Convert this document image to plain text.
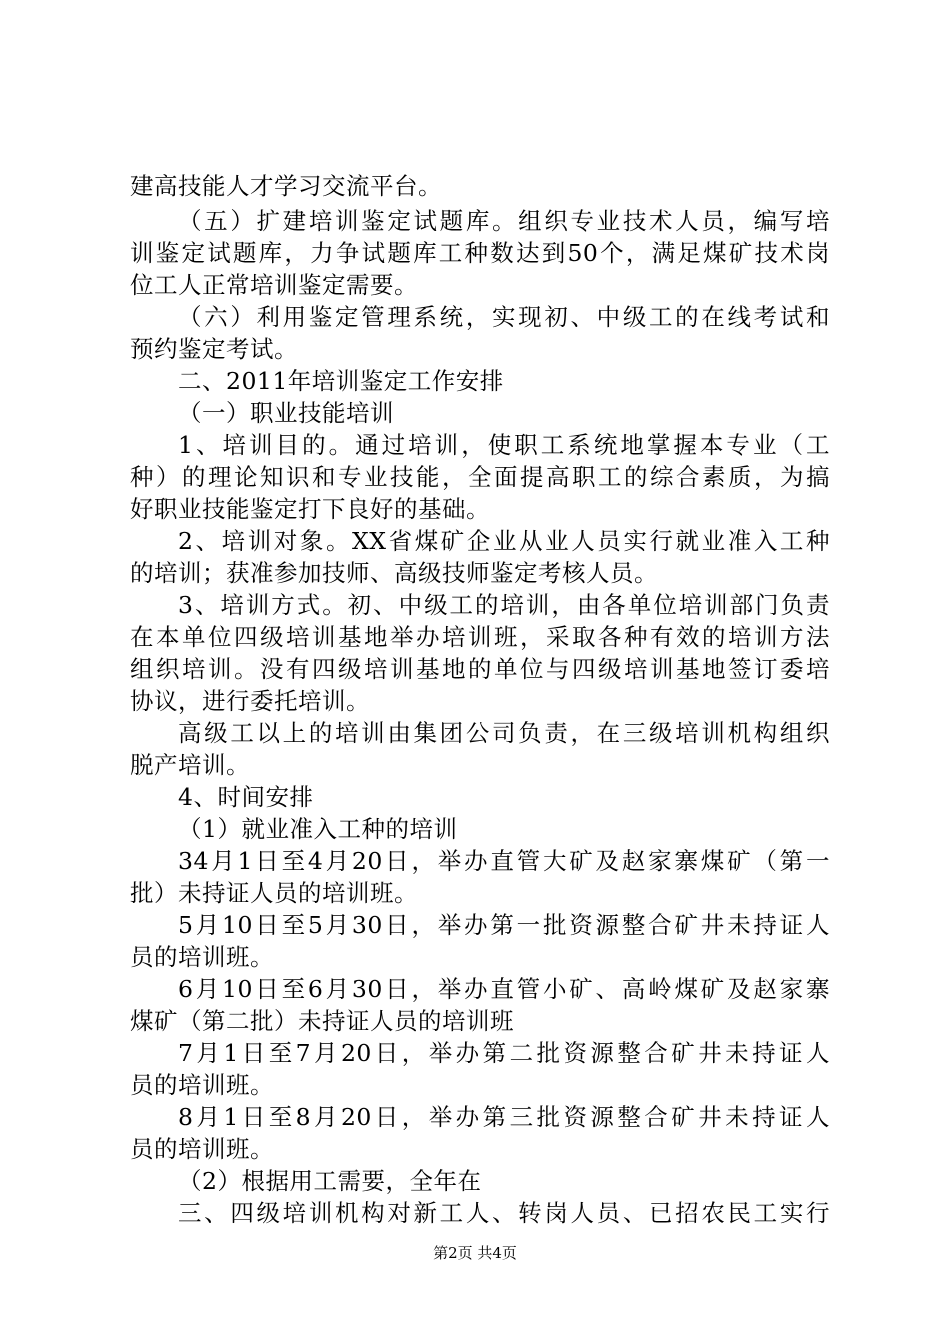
建高技能人才学习交流平台。
（五）扩建培训鉴定试题库。组织专业技术人员，编写培
训鉴定试题库，力争试题库工种数达到50个，满足煤矿技术岗
位工人正常培训鉴定需要。
（六）利用鉴定管理系统，实现初、中级工的在线考试和
预约鉴定考试。
二、2011年培训鉴定工作安排
（一）职业技能培训
1、培训目的。通过培训，使职工系统地掌握本专业（工
种）的理论知识和专业技能，全面提高职工的综合素质，为搞
好职业技能鉴定打下良好的基础。
2、培训对象。XX省煤矿企业从业人员实行就业准入工种
的培训；获准参加技师、高级技师鉴定考核人员。
3、培训方式。初、中级工的培训，由各单位培训部门负责
在本单位四级培训基地举办培训班，采取各种有效的培训方法
组织培训。没有四级培训基地的单位与四级培训基地签订委培
协议，进行委托培训。
高级工以上的培训由集团公司负责，在三级培训机构组织
脱产培训。
4、时间安排
（1）就业准入工种的培训
34月1日至4月20日，举办直管大矿及赵家寨煤矿（第一
批）未持证人员的培训班。
5月10日至5月30日，举办第一批资源整合矿井未持证人
员的培训班。
6月10日至6月30日，举办直管小矿、高岭煤矿及赵家寨
煤矿（第二批）未持证人员的培训班
7月1日至7月20日，举办第二批资源整合矿井未持证人
员的培训班。
8月1日至8月20日，举办第三批资源整合矿井未持证人
员的培训班。
（2）根据用工需要，全年在
三、四级培训机构对新工人、转岗人员、已招农民工实行
第2页 共4页
